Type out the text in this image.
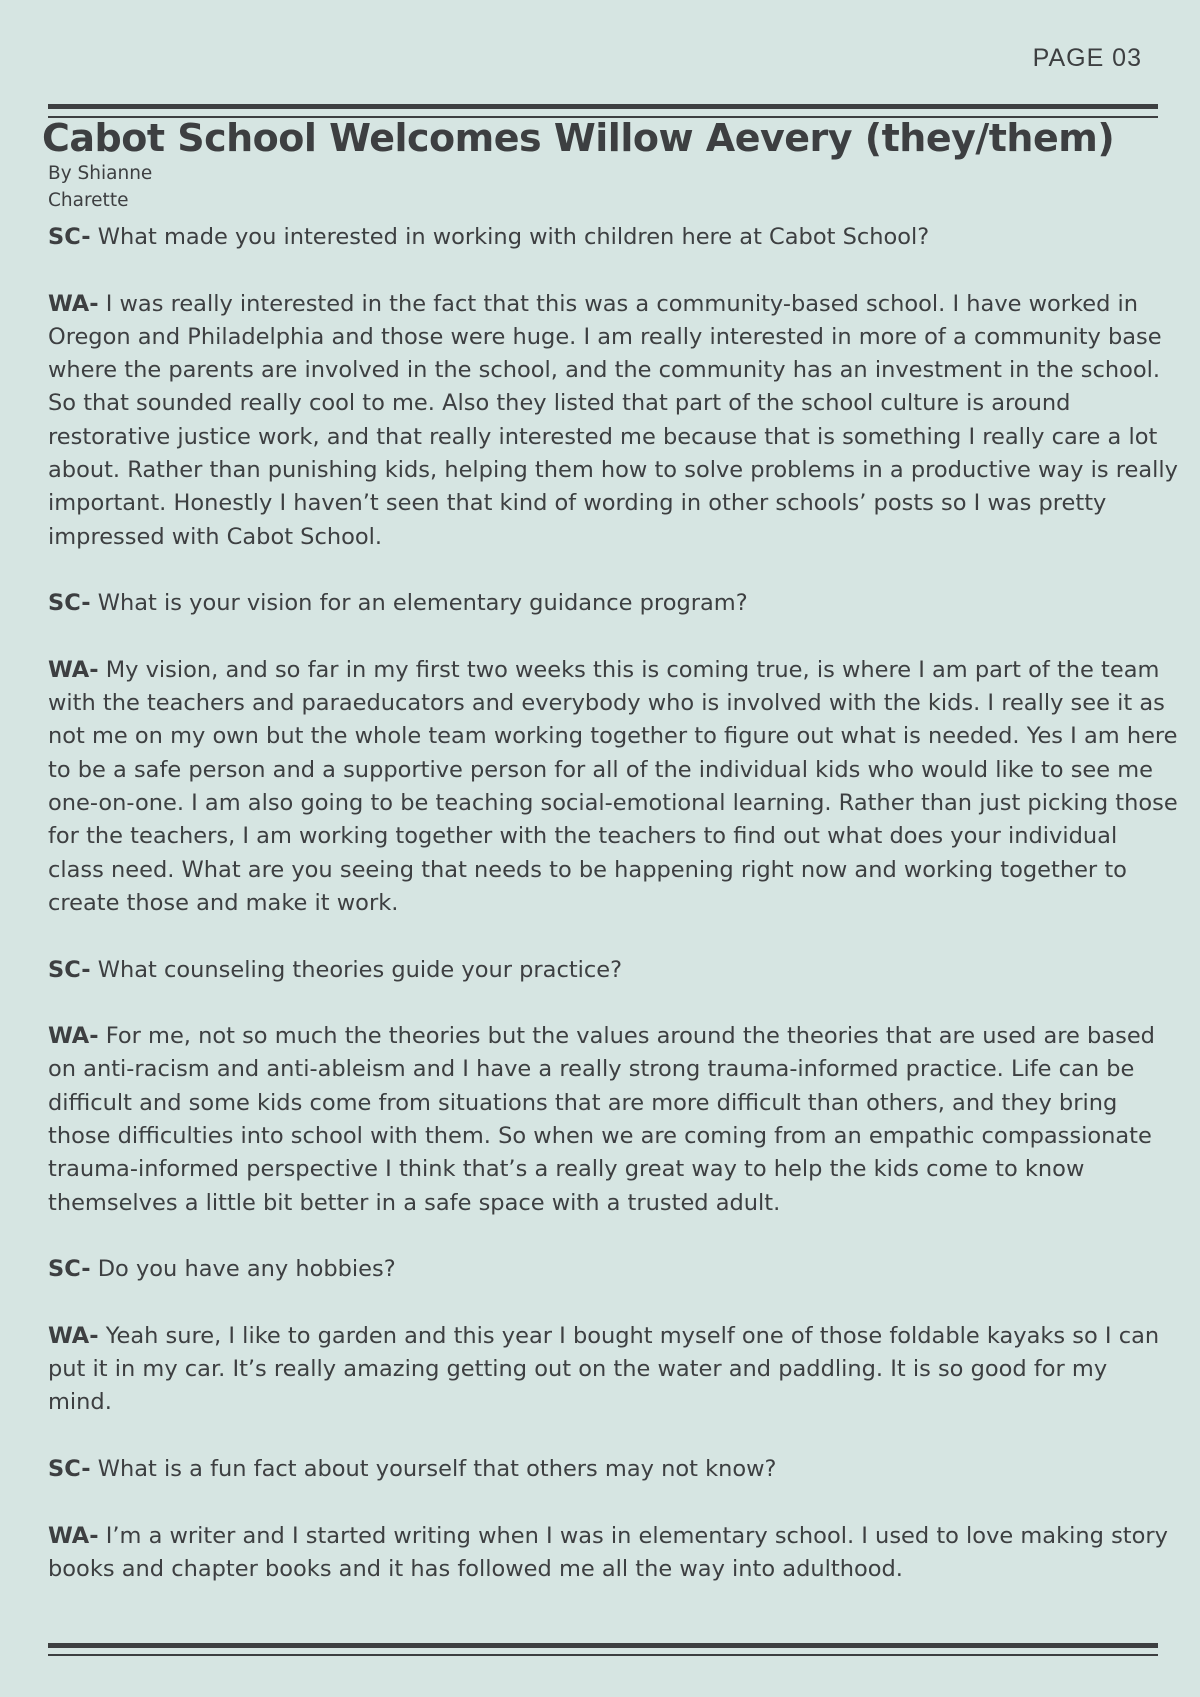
PAGE 03
Cabot School Welcomes Willow Aevery (they/them)
By Shianne Charette

SC- What made you interested in working with children here at Cabot School?

WA- I was really interested in the fact that this was a community-based school. I have worked in Oregon and Philadelphia and those were huge. I am really interested in more of a community base where the parents are involved in the school, and the community has an investment in the school. So that sounded really cool to me. Also they listed that part of the school culture is around restorative justice work, and that really interested me because that is something I really care a lot about. Rather than punishing kids, helping them how to solve problems in a productive way is really important. Honestly I haven’t seen that kind of wording in other schools’ posts so I was pretty impressed with Cabot School.

SC- What is your vision for an elementary guidance program?

WA- My vision, and so far in my first two weeks this is coming true, is where I am part of the team with the teachers and paraeducators and everybody who is involved with the kids. I really see it as not me on my own but the whole team working together to figure out what is needed. Yes I am here to be a safe person and a supportive person for all of the individual kids who would like to see me one-on-one. I am also going to be teaching social-emotional learning. Rather than just picking those for the teachers, I am working together with the teachers to find out what does your individual class need. What are you seeing that needs to be happening right now and working together to create those and make it work.

SC- What counseling theories guide your practice?

WA- For me, not so much the theories but the values around the theories that are used are based on anti-racism and anti-ableism and I have a really strong trauma-informed practice. Life can be difficult and some kids come from situations that are more difficult than others, and they bring those difficulties into school with them. So when we are coming from an empathic compassionate trauma-informed perspective I think that’s a really great way to help the kids come to know themselves a little bit better in a safe space with a trusted adult.

SC- Do you have any hobbies?

WA- Yeah sure, I like to garden and this year I bought myself one of those foldable kayaks so I can put it in my car. It’s really amazing getting out on the water and paddling. It is so good for my mind.

SC- What is a fun fact about yourself that others may not know?

WA- I’m a writer and I started writing when I was in elementary school. I used to love making story books and chapter books and it has followed me all the way into adulthood.
